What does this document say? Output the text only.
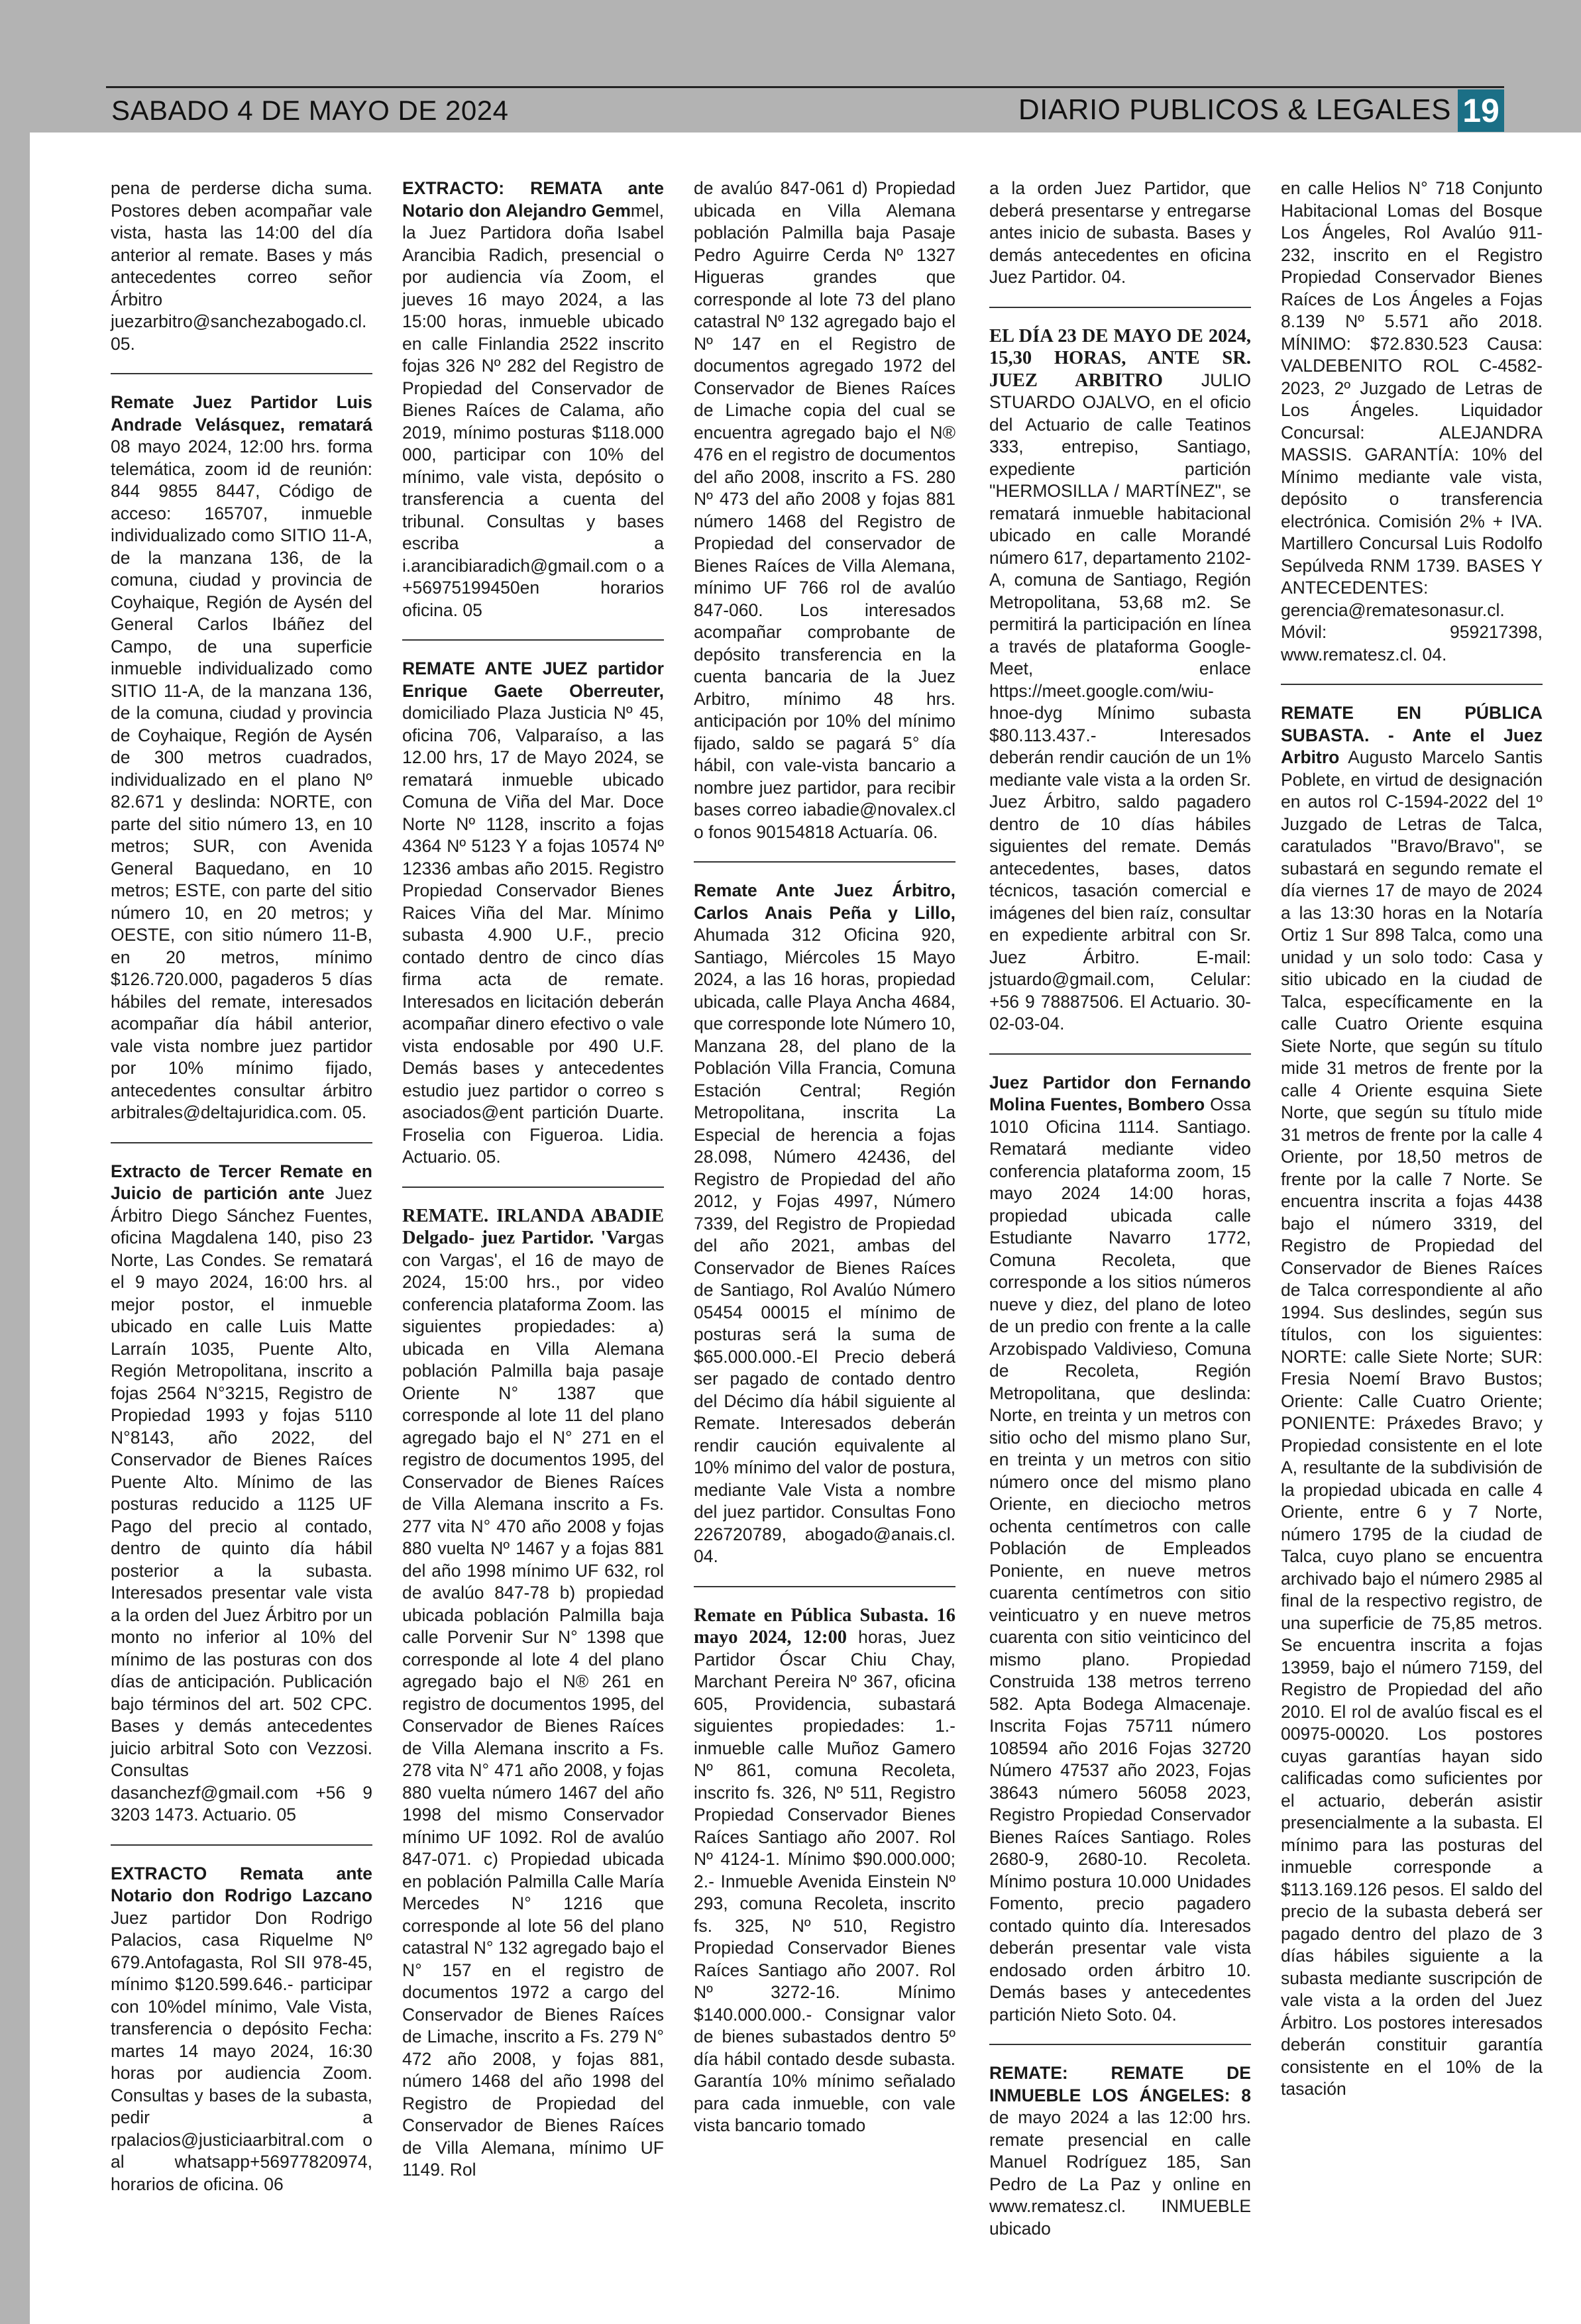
SABADO 4 DE MAYO DE 2024	DIARIO PUBLICOS & LEGALES 19
pena de perderse dicha suma. Postores deben acompañar vale vista, hasta las 14:00 del día anterior al remate. Bases y más antecedentes correo señor Árbitro juezarbitro@sanchezabogado.cl. 05.
Remate Juez Partidor Luis Andrade Velásquez, rematará 08 mayo 2024, 12:00 hrs. forma telemática, zoom id de reunión: 844 9855 8447, Código de acceso: 165707, inmueble individualizado como SITIO 11-A, de la manzana 136, de la comuna, ciudad y provincia de Coyhaique, Región de Aysén del General Carlos Ibáñez del Campo, de una superficie inmueble individualizado como SITIO 11-A, de la manzana 136, de la comuna, ciudad y provincia de Coyhaique, Región de Aysén de 300 metros cuadrados, individualizado en el plano Nº 82.671 y deslinda: NORTE, con parte del sitio número 13, en 10 metros; SUR, con Avenida General Baquedano, en 10 metros; ESTE, con parte del sitio número 10, en 20 metros; y OESTE, con sitio número 11-B, en 20 metros, mínimo $126.720.000, pagaderos 5 días hábiles del remate, interesados acompañar día hábil anterior, vale vista nombre juez partidor por 10% mínimo fijado, antecedentes consultar árbitro arbitrales@deltajuridica.com. 05.
Extracto de Tercer Remate en Juicio de partición ante Juez Árbitro Diego Sánchez Fuentes, oficina Magdalena 140, piso 23 Norte, Las Condes. Se rematará el 9 mayo 2024, 16:00 hrs. al mejor postor, el inmueble ubicado en calle Luis Matte Larraín 1035, Puente Alto, Región Metropolitana, inscrito a fojas 2564 N°3215, Registro de Propiedad 1993 y fojas 5110 N°8143, año 2022, del Conservador de Bienes Raíces Puente Alto. Mínimo de las posturas reducido a 1125 UF Pago del precio al contado, dentro de quinto día hábil posterior a la subasta. Interesados presentar vale vista a la orden del Juez Árbitro por un monto no inferior al 10% del mínimo de las posturas con dos días de anticipación. Publicación bajo términos del art. 502 CPC. Bases y demás antecedentes juicio arbitral Soto con Vezzosi. Consultas dasanchezf@gmail.com +56 9 3203 1473. Actuario. 05
EXTRACTO Remata ante Notario don Rodrigo Lazcano Juez partidor Don Rodrigo Palacios, casa Riquelme Nº 679.Antofagasta, Rol SII 978-45, mínimo $120.599.646.- participar con 10%del mínimo, Vale Vista, transferencia o depósito Fecha: martes 14 mayo 2024, 16:30 horas por audiencia Zoom. Consultas y bases de la subasta, pedir a rpalacios@justiciaarbitral.com o al whatsapp+56977820974, horarios de oficina. 06
EXTRACTO: REMATA ante Notario don Alejandro Gemmel, la Juez Partidora doña Isabel Arancibia Radich, presencial o por audiencia vía Zoom, el jueves 16 mayo 2024, a las 15:00 horas, inmueble ubicado en calle Finlandia 2522 inscrito fojas 326 Nº 282 del Registro de Propiedad del Conservador de Bienes Raíces de Calama, año 2019, mínimo posturas $118.000 000, participar con 10% del mínimo, vale vista, depósito o transferencia a cuenta del tribunal. Consultas y bases escriba a i.arancibiaradich@gmail.com o a +56975199450en horarios oficina. 05
REMATE ANTE JUEZ partidor Enrique Gaete Oberreuter, domiciliado Plaza Justicia Nº 45, oficina 706, Valparaíso, a las 12.00 hrs, 17 de Mayo 2024, se rematará inmueble ubicado Comuna de Viña del Mar. Doce Norte Nº 1128, inscrito a fojas 4364 Nº 5123 Y a fojas 10574 Nº 12336 ambas año 2015. Registro Propiedad Conservador Bienes Raices Viña del Mar. Mínimo subasta 4.900 U.F., precio contado dentro de cinco días firma acta de remate. Interesados en licitación deberán acompañar dinero efectivo o vale vista endosable por 490 U.F. Demás bases y antecedentes estudio juez partidor o correo s asociados@ent partición Duarte. Froselia con Figueroa. Lidia. Actuario. 05.
REMATE. IRLANDA ABADIE Delgado- juez Partidor. 'Vargas con Vargas', el 16 de mayo de 2024, 15:00 hrs., por video conferencia plataforma Zoom. las siguientes propiedades: a) ubicada en Villa Alemana población Palmilla baja pasaje Oriente N° 1387 que corresponde al lote 11 del plano agregado bajo el N° 271 en el registro de documentos 1995, del Conservador de Bienes Raíces de Villa Alemana inscrito a Fs. 277 vita N° 470 año 2008 y fojas 880 vuelta Nº 1467 y a fojas 881 del año 1998 mínimo UF 632, rol de avalúo 847-78 b) propiedad ubicada población Palmilla baja calle Porvenir Sur N° 1398 que corresponde al lote 4 del plano agregado bajo el N® 261 en registro de documentos 1995, del Conservador de Bienes Raíces de Villa Alemana inscrito a Fs. 278 vita N° 471 año 2008, y fojas 880 vuelta número 1467 del año 1998 del mismo Conservador mínimo UF 1092. Rol de avalúo 847-071. c) Propiedad ubicada en población Palmilla Calle María Mercedes N° 1216 que corresponde al lote 56 del plano catastral N° 132 agregado bajo el N° 157 en el registro de documentos 1972 a cargo del Conservador de Bienes Raíces de Limache, inscrito a Fs. 279 N° 472 año 2008, y fojas 881, número 1468 del año 1998 del Registro de Propiedad del Conservador de Bienes Raíces de Villa Alemana, mínimo UF 1149. Rol
de avalúo 847-061 d) Propiedad ubicada en Villa Alemana población Palmilla baja Pasaje Pedro Aguirre Cerda Nº 1327 Higueras grandes que corresponde al lote 73 del plano catastral Nº 132 agregado bajo el Nº 147 en el Registro de documentos agregado 1972 del Conservador de Bienes Raíces de Limache copia del cual se encuentra agregado bajo el N® 476 en el registro de documentos del año 2008, inscrito a FS. 280 Nº 473 del año 2008 y fojas 881 número 1468 del Registro de Propiedad del conservador de Bienes Raíces de Villa Alemana, mínimo UF 766 rol de avalúo 847-060. Los interesados acompañar comprobante de depósito transferencia en la cuenta bancaria de la Juez Arbitro, mínimo 48 hrs. anticipación por 10% del mínimo fijado, saldo se pagará 5° día hábil, con vale-vista bancario a nombre juez partidor, para recibir bases correo iabadie@novalex.cl o fonos 90154818 Actuaría. 06.
Remate Ante Juez Árbitro, Carlos Anais Peña y Lillo, Ahumada 312 Oficina 920, Santiago, Miércoles 15 Mayo 2024, a las 16 horas, propiedad ubicada, calle Playa Ancha 4684, que corresponde lote Número 10, Manzana 28, del plano de la Población Villa Francia, Comuna Estación Central; Región Metropolitana, inscrita La Especial de herencia a fojas 28.098, Número 42436, del Registro de Propiedad del año 2012, y Fojas 4997, Número 7339, del Registro de Propiedad del año 2021, ambas del Conservador de Bienes Raíces de Santiago, Rol Avalúo Número 05454 00015 el mínimo de posturas será la suma de $65.000.000.-El Precio deberá ser pagado de contado dentro del Décimo día hábil siguiente al Remate. Interesados deberán rendir caución equivalente al 10% mínimo del valor de postura, mediante Vale Vista a nombre del juez partidor. Consultas Fono 226720789, abogado@anais.cl. 04.
Remate en Pública Subasta. 16 mayo 2024, 12:00 horas, Juez Partidor Óscar Chiu Chay, Marchant Pereira Nº 367, oficina 605, Providencia, subastará siguientes propiedades: 1.- inmueble calle Muñoz Gamero Nº 861, comuna Recoleta, inscrito fs. 326, Nº 511, Registro Propiedad Conservador Bienes Raíces Santiago año 2007. Rol Nº 4124-1. Mínimo $90.000.000; 2.- Inmueble Avenida Einstein Nº 293, comuna Recoleta, inscrito fs. 325, Nº 510, Registro Propiedad Conservador Bienes Raíces Santiago año 2007. Rol Nº 3272-16. Mínimo $140.000.000.- Consignar valor de bienes subastados dentro 5º día hábil contado desde subasta. Garantía 10% mínimo señalado para cada inmueble, con vale vista bancario tomado
a la orden Juez Partidor, que deberá presentarse y entregarse antes inicio de subasta. Bases y demás antecedentes en oficina Juez Partidor. 04.
EL DÍA 23 DE MAYO DE 2024, 15,30 HORAS, ANTE SR. JUEZ ARBITRO JULIO STUARDO OJALVO, en el oficio del Actuario de calle Teatinos 333, entrepiso, Santiago, expediente partición "HERMOSILLA / MARTÍNEZ", se rematará inmueble habitacional ubicado en calle Morandé número 617, departamento 2102-A, comuna de Santiago, Región Metropolitana, 53,68 m2. Se permitirá la participación en línea a través de plataforma Google-Meet, enlace https://meet.google.com/wiu-hnoe-dyg Mínimo subasta $80.113.437.- Interesados deberán rendir caución de un 1% mediante vale vista a la orden Sr. Juez Árbitro, saldo pagadero dentro de 10 días hábiles siguientes del remate. Demás antecedentes, bases, datos técnicos, tasación comercial e imágenes del bien raíz, consultar en expediente arbitral con Sr. Juez Árbitro. E-mail: jstuardo@gmail.com, Celular: +56 9 78887506. El Actuario. 30-02-03-04.
Juez Partidor don Fernando Molina Fuentes, Bombero Ossa 1010 Oficina 1114. Santiago. Rematará mediante video conferencia plataforma zoom, 15 mayo 2024 14:00 horas, propiedad ubicada calle Estudiante Navarro 1772, Comuna Recoleta, que corresponde a los sitios números nueve y diez, del plano de loteo de un predio con frente a la calle Arzobispado Valdivieso, Comuna de Recoleta, Región Metropolitana, que deslinda: Norte, en treinta y un metros con sitio ocho del mismo plano Sur, en treinta y un metros con sitio número once del mismo plano Oriente, en dieciocho metros ochenta centímetros con calle Población de Empleados Poniente, en nueve metros cuarenta centímetros con sitio veinticuatro y en nueve metros cuarenta con sitio veinticinco del mismo plano. Propiedad Construida 138 metros terreno 582. Apta Bodega Almacenaje. Inscrita Fojas 75711 número 108594 año 2016 Fojas 32720 Número 47537 año 2023, Fojas 38643 número 56058 2023, Registro Propiedad Conservador Bienes Raíces Santiago. Roles 2680-9, 2680-10. Recoleta. Mínimo postura 10.000 Unidades Fomento, precio pagadero contado quinto día. Interesados deberán presentar vale vista endosado orden árbitro 10. Demás bases y antecedentes partición Nieto Soto. 04.
REMATE: REMATE DE INMUEBLE LOS ÁNGELES: 8 de mayo 2024 a las 12:00 hrs. remate presencial en calle Manuel Rodríguez 185, San Pedro de La Paz y online en www.rematesz.cl. INMUEBLE ubicado
en calle Helios N° 718 Conjunto Habitacional Lomas del Bosque Los Ángeles, Rol Avalúo 911-232, inscrito en el Registro Propiedad Conservador Bienes Raíces de Los Ángeles a Fojas 8.139 Nº 5.571 año 2018. MÍNIMO: $72.830.523 Causa: VALDEBENITO ROL C-4582-2023, 2º Juzgado de Letras de Los Ángeles. Liquidador Concursal: ALEJANDRA MASSIS. GARANTÍA: 10% del Mínimo mediante vale vista, depósito o transferencia electrónica. Comisión 2% + IVA. Martillero Concursal Luis Rodolfo Sepúlveda RNM 1739. BASES Y ANTECEDENTES: gerencia@rematesonasur.cl. Móvil: 959217398, www.rematesz.cl. 04.
REMATE EN PÚBLICA SUBASTA. - Ante el Juez Arbitro Augusto Marcelo Santis Poblete, en virtud de designación en autos rol C-1594-2022 del 1º Juzgado de Letras de Talca, caratulados "Bravo/Bravo", se subastará en segundo remate el día viernes 17 de mayo de 2024 a las 13:30 horas en la Notaría Ortiz 1 Sur 898 Talca, como una unidad y un solo todo: Casa y sitio ubicado en la ciudad de Talca, específicamente en la calle Cuatro Oriente esquina Siete Norte, que según su título mide 31 metros de frente por la calle 4 Oriente esquina Siete Norte, que según su título mide 31 metros de frente por la calle 4 Oriente, por 18,50 metros de frente por la calle 7 Norte. Se encuentra inscrita a fojas 4438 bajo el número 3319, del Registro de Propiedad del Conservador de Bienes Raíces de Talca correspondiente al año 1994. Sus deslindes, según sus títulos, con los siguientes: NORTE: calle Siete Norte; SUR: Fresia Noemí Bravo Bustos; Oriente: Calle Cuatro Oriente; PONIENTE: Práxedes Bravo; y Propiedad consistente en el lote A, resultante de la subdivisión de la propiedad ubicada en calle 4 Oriente, entre 6 y 7 Norte, número 1795 de la ciudad de Talca, cuyo plano se encuentra archivado bajo el número 2985 al final de la respectivo registro, de una superficie de 75,85 metros. Se encuentra inscrita a fojas 13959, bajo el número 7159, del Registro de Propiedad del año 2010. El rol de avalúo fiscal es el 00975-00020. Los postores cuyas garantías hayan sido calificadas como suficientes por el actuario, deberán asistir presencialmente a la subasta. El mínimo para las posturas del inmueble corresponde a $113.169.126 pesos. El saldo del precio de la subasta deberá ser pagado dentro del plazo de 3 días hábiles siguiente a la subasta mediante suscripción de vale vista a la orden del Juez Árbitro. Los postores interesados deberán constituir garantía consistente en el 10% de la tasación
